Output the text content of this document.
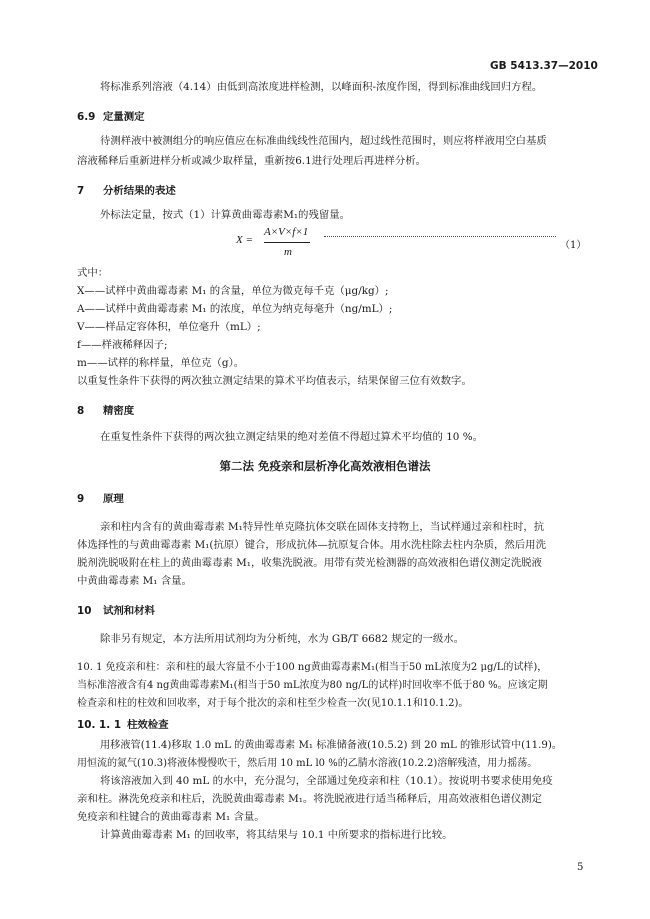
GB 5413.37—2010
将标准系列溶液（4.14）由低到高浓度进样检测，以峰面积-浓度作图，得到标准曲线回归方程。
6.9 定量测定
待测样液中被测组分的响应值应在标准曲线线性范围内，超过线性范围时，则应将样液用空白基质
溶液稀释后重新进样分析或减少取样量，重新按6.1进行处理后再进样分析。
7 分析结果的表述
外标法定量，按式（1）计算黄曲霉毒素M₁的残留量。
X =
A×V×f×1
m
（1）
式中：
X——试样中黄曲霉毒素 M₁ 的含量，单位为微克每千克（μg/kg）;
A——试样中黄曲霉毒素 M₁ 的浓度，单位为纳克每毫升（ng/mL）;
V——样品定容体积，单位毫升（mL）;
f——样液稀释因子;
m——试样的称样量，单位克（g）。
以重复性条件下获得的两次独立测定结果的算术平均值表示，结果保留三位有效数字。
8 精密度
在重复性条件下获得的两次独立测定结果的绝对差值不得超过算术平均值的 10 %。
第二法 免疫亲和层析净化高效液相色谱法
9 原理
亲和柱内含有的黄曲霉毒素 M₁特异性单克隆抗体交联在固体支持物上，当试样通过亲和柱时，抗
体选择性的与黄曲霉毒素 M₁(抗原）键合，形成抗体—抗原复合体。用水洗柱除去柱内杂质，然后用洗
脱剂洗脱吸附在柱上的黄曲霉毒素 M₁，收集洗脱液。用带有荧光检测器的高效液相色谱仪测定洗脱液
中黄曲霉毒素 M₁ 含量。
10 试剂和材料
除非另有规定，本方法所用试剂均为分析纯，水为 GB/T 6682 规定的一级水。
10. 1 免疫亲和柱：亲和柱的最大容量不小于100 ng黄曲霉毒素M₁(相当于50 mL浓度为2 μg/L的试样)，
当标准溶液含有4 ng黄曲霉毒素M₁(相当于50 mL浓度为80 ng/L的试样)时回收率不低于80 %。应该定期
检查亲和柱的柱效和回收率，对于每个批次的亲和柱至少检查一次(见10.1.1和10.1.2)。
10. 1. 1 柱效检查
用移液管(11.4)移取 1.0 mL 的黄曲霉毒素 M₁ 标准储备液(10.5.2) 到 20 mL 的锥形试管中(11.9)。
用恒流的氮气(10.3)将液体慢慢吹干，然后用 10 mL l0 %的乙腈水溶液(10.2.2)溶解残渣，用力摇荡。
将该溶液加入到 40 mL 的水中，充分混匀，全部通过免疫亲和柱（10.1）。按说明书要求使用免疫
亲和柱。淋洗免疫亲和柱后，洗脱黄曲霉毒素 M₁。将洗脱液进行适当稀释后，用高效液相色谱仪测定
免疫亲和柱键合的黄曲霉毒素 M₁ 含量。
计算黄曲霉毒素 M₁ 的回收率，将其结果与 10.1 中所要求的指标进行比较。
5
